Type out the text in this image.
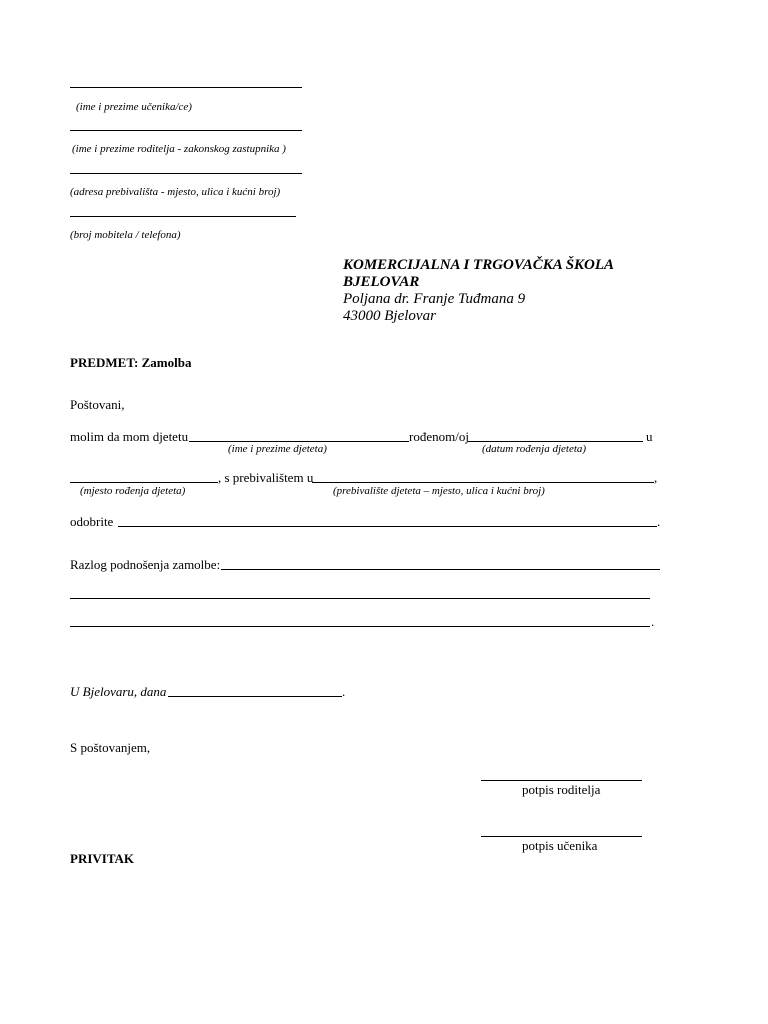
(ime i prezime učenika/ce)
(ime i prezime roditelja - zakonskog zastupnika )
(adresa prebivališta - mjesto, ulica i kućni broj)
(broj mobitela / telefona)
KOMERCIJALNA I TRGOVAČKA ŠKOLA
BJELOVAR
Poljana dr. Franje Tuđmana 9
43000 Bjelovar
PREDMET: Zamolba
Poštovani,
molim da mom djetetu	rođenom/oj	u
(ime i prezime djeteta)	(datum rođenja djeteta)
, s prebivalištem u	,
(mjesto rođenja djeteta)	(prebivalište djeteta – mjesto, ulica i kućni broj)
odobrite	.
Razlog podnošenja zamolbe:
.
U Bjelovaru, dana	.
S poštovanjem,
potpis roditelja
potpis učenika
PRIVITAK
